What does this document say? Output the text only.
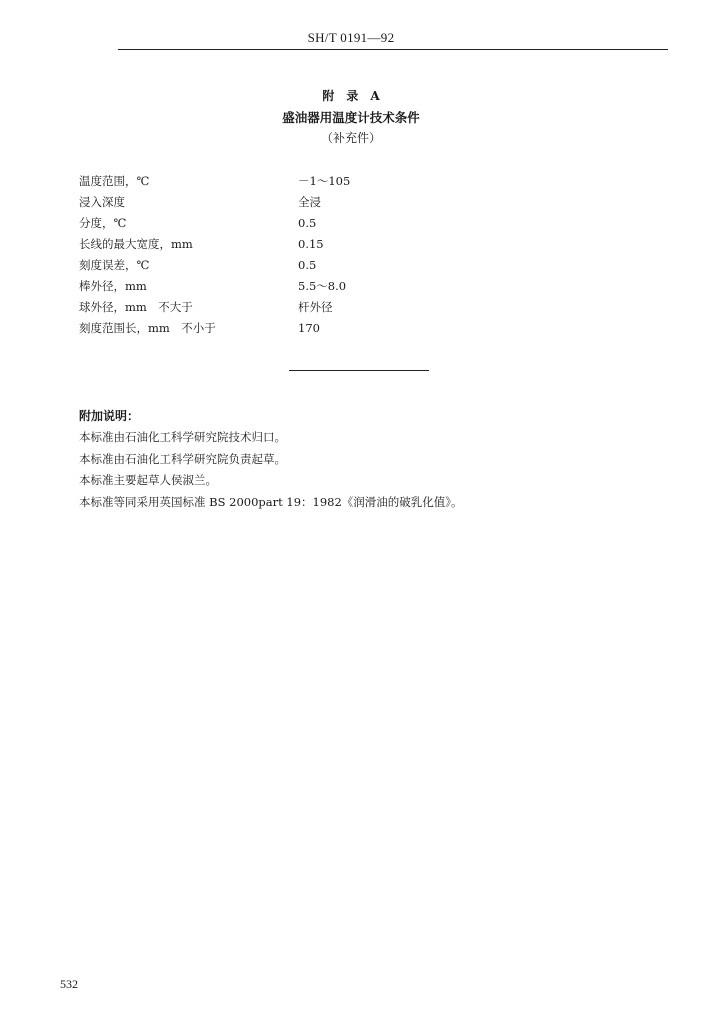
SH/T 0191—92
附　录　A
盛油器用温度计技术条件
（补充件）
温度范围，℃	－1～105
浸入深度	全浸
分度，℃	0.5
长线的最大宽度，mm	0.15
刻度误差，℃	0.5
棒外径，mm	5.5～8.0
球外径，mm　不大于	杆外径
刻度范围长，mm　不小于	170
附加说明：
本标准由石油化工科学研究院技术归口。
本标准由石油化工科学研究院负责起草。
本标准主要起草人侯淑兰。
本标准等同采用英国标准 BS 2000part 19：1982《润滑油的破乳化值》。
532
